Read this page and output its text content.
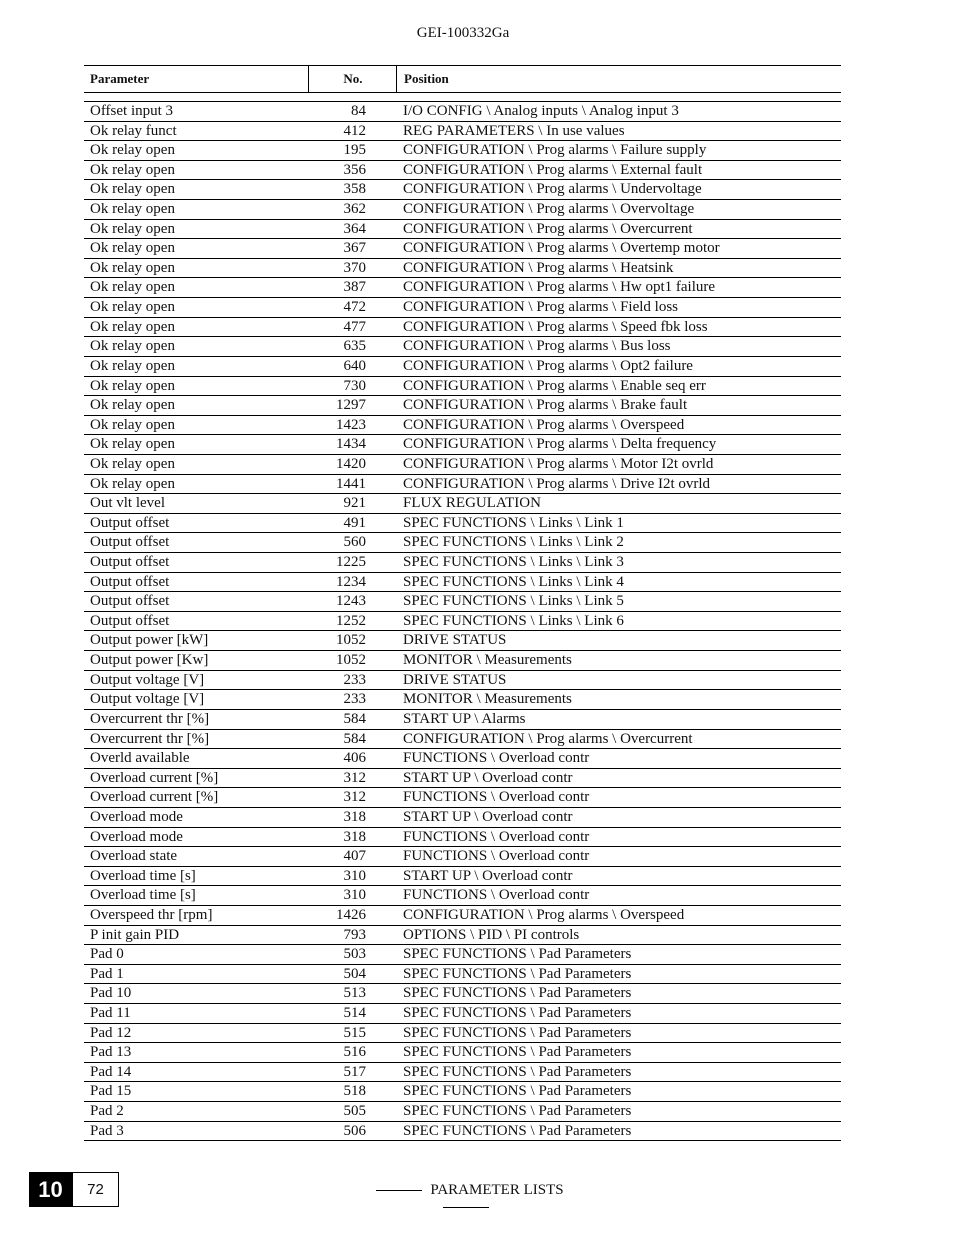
GEI-100332Ga
Parameter	No.	Position
Offset input 3	84 I/O CONFIG \ Analog inputs \ Analog input 3
Ok relay funct	412 REG PARAMETERS \ In use values
Ok relay open	195 CONFIGURATION \ Prog alarms \ Failure supply
Ok relay open	356 CONFIGURATION \ Prog alarms \ External fault
Ok relay open	358 CONFIGURATION \ Prog alarms \ Undervoltage
Ok relay open	362 CONFIGURATION \ Prog alarms \ Overvoltage
Ok relay open	364 CONFIGURATION \ Prog alarms \ Overcurrent
Ok relay open	367 CONFIGURATION \ Prog alarms \ Overtemp motor
Ok relay open	370 CONFIGURATION \ Prog alarms \ Heatsink
Ok relay open	387 CONFIGURATION \ Prog alarms \ Hw opt1 failure
Ok relay open	472 CONFIGURATION \ Prog alarms \ Field loss
Ok relay open	477 CONFIGURATION \ Prog alarms \ Speed fbk loss
Ok relay open	635 CONFIGURATION \ Prog alarms \ Bus loss
Ok relay open	640 CONFIGURATION \ Prog alarms \ Opt2 failure
Ok relay open	730 CONFIGURATION \ Prog alarms \ Enable seq err
Ok relay open	1297 CONFIGURATION \ Prog alarms \ Brake fault
Ok relay open	1423 CONFIGURATION \ Prog alarms \ Overspeed
Ok relay open	1434 CONFIGURATION \ Prog alarms \ Delta frequency
Ok relay open	1420 CONFIGURATION \ Prog alarms \ Motor I2t ovrld
Ok relay open	1441 CONFIGURATION \ Prog alarms \ Drive I2t ovrld
Out vlt level	921 FLUX REGULATION
Output offset	491 SPEC FUNCTIONS \ Links \ Link 1
Output offset	560 SPEC FUNCTIONS \ Links \ Link 2
Output offset	1225 SPEC FUNCTIONS \ Links \ Link 3
Output offset	1234 SPEC FUNCTIONS \ Links \ Link 4
Output offset	1243 SPEC FUNCTIONS \ Links \ Link 5
Output offset	1252 SPEC FUNCTIONS \ Links \ Link 6
Output power [kW]	1052 DRIVE STATUS
Output power [Kw]	1052 MONITOR \ Measurements
Output voltage [V]	233 DRIVE STATUS
Output voltage [V]	233 MONITOR \ Measurements
Overcurrent thr [%]	584 START UP \ Alarms
Overcurrent thr [%]	584 CONFIGURATION \ Prog alarms \ Overcurrent
Overld available	406 FUNCTIONS \ Overload contr
Overload current [%]	312 START UP \ Overload contr
Overload current [%]	312 FUNCTIONS \ Overload contr
Overload mode	318 START UP \ Overload contr
Overload mode	318 FUNCTIONS \ Overload contr
Overload state	407 FUNCTIONS \ Overload contr
Overload time [s]	310 START UP \ Overload contr
Overload time [s]	310 FUNCTIONS \ Overload contr
Overspeed thr [rpm]	1426 CONFIGURATION \ Prog alarms \ Overspeed
P init gain PID	793 OPTIONS \ PID \ PI controls
Pad 0	503 SPEC FUNCTIONS \ Pad Parameters
Pad 1	504 SPEC FUNCTIONS \ Pad Parameters
Pad 10	513 SPEC FUNCTIONS \ Pad Parameters
Pad 11	514 SPEC FUNCTIONS \ Pad Parameters
Pad 12	515 SPEC FUNCTIONS \ Pad Parameters
Pad 13	516 SPEC FUNCTIONS \ Pad Parameters
Pad 14	517 SPEC FUNCTIONS \ Pad Parameters
Pad 15	518 SPEC FUNCTIONS \ Pad Parameters
Pad 2	505 SPEC FUNCTIONS \ Pad Parameters
Pad 3	506 SPEC FUNCTIONS \ Pad Parameters
10	72	PARAMETER LISTS
